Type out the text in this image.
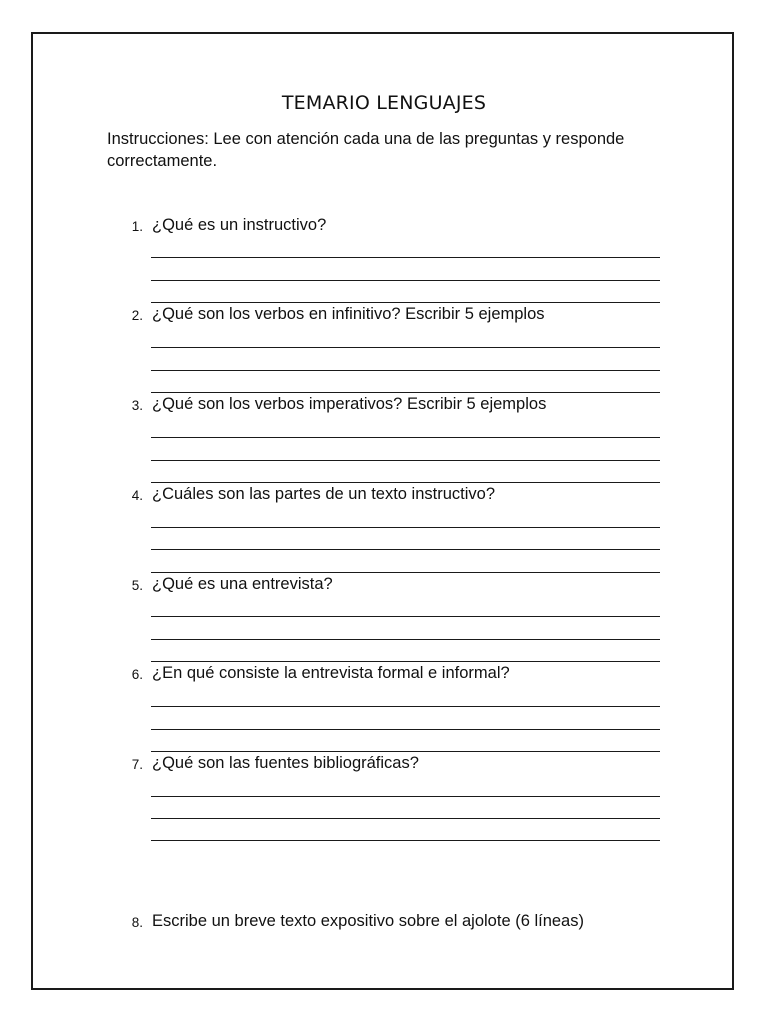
TEMARIO LENGUAJES
Instrucciones: Lee con atención cada una de las preguntas y responde correctamente.
1. ¿Qué es un instructivo?
2. ¿Qué son los verbos en infinitivo? Escribir 5 ejemplos
3. ¿Qué son los verbos imperativos? Escribir 5 ejemplos
4. ¿Cuáles son las partes de un texto instructivo?
5. ¿Qué es una entrevista?
6. ¿En qué consiste la entrevista formal e informal?
7. ¿Qué son las fuentes bibliográficas?
8. Escribe un breve texto expositivo sobre el ajolote (6 líneas)
